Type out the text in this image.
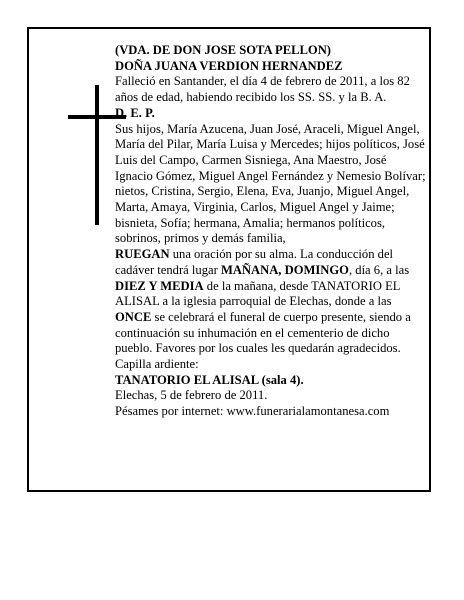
(VDA. DE DON JOSE SOTA PELLON)

DOÑA JUANA VERDION HERNANDEZ

Falleció en Santander, el día 4 de febrero de 2011, a los 82 años de edad, habiendo recibido los SS. SS. y la B. A.

D. E. P.

Sus hijos, María Azucena, Juan José, Araceli, Miguel Angel, María del Pilar, María Luisa y Mercedes; hijos políticos, José Luis del Campo, Carmen Sisniega, Ana Maestro, José Ignacio Gómez, Miguel Angel Fernández y Nemesio Bolívar; nietos, Cristina, Sergio, Elena, Eva, Juanjo, Miguel Angel, Marta, Amaya, Virginia, Carlos, Miguel Angel y Jaime; bisnieta, Sofía; hermana, Amalia; hermanos políticos, sobrinos, primos y demás familia,

RUEGAN una oración por su alma. La conducción del cadáver tendrá lugar MAÑANA, DOMINGO, día 6, a las DIEZ Y MEDIA de la mañana, desde TANATORIO EL ALISAL a la iglesia parroquial de Elechas, donde a las ONCE se celebrará el funeral de cuerpo presente, siendo a continuación su inhumación en el cementerio de dicho pueblo. Favores por los cuales les quedarán agradecidos. Capilla ardiente:

TANATORIO EL ALISAL (sala 4).

Elechas, 5 de febrero de 2011.

Pésames por internet: www.funerarialamontanesa.com
